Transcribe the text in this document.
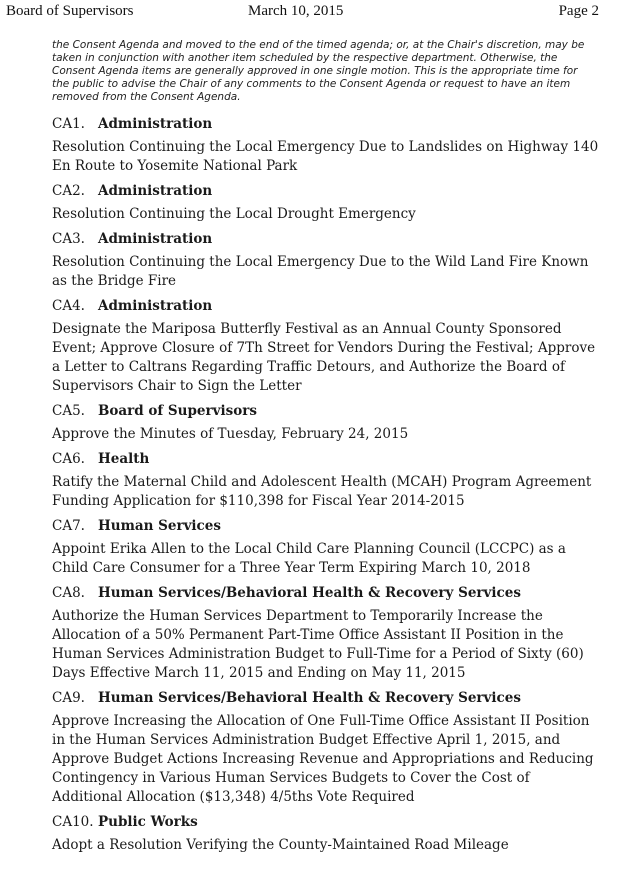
Board of Supervisors	March 10, 2015	Page 2
the Consent Agenda and moved to the end of the timed agenda; or, at the Chair's discretion, may be taken in conjunction with another item scheduled by the respective department. Otherwise, the Consent Agenda items are generally approved in one single motion. This is the appropriate time for the public to advise the Chair of any comments to the Consent Agenda or request to have an item removed from the Consent Agenda.
CA1. Administration
Resolution Continuing the Local Emergency Due to Landslides on Highway 140 En Route to Yosemite National Park
CA2. Administration
Resolution Continuing the Local Drought Emergency
CA3. Administration
Resolution Continuing the Local Emergency Due to the Wild Land Fire Known as the Bridge Fire
CA4. Administration
Designate the Mariposa Butterfly Festival as an Annual County Sponsored Event; Approve Closure of 7Th Street for Vendors During the Festival; Approve a Letter to Caltrans Regarding Traffic Detours, and Authorize the Board of Supervisors Chair to Sign the Letter
CA5. Board of Supervisors
Approve the Minutes of Tuesday, February 24, 2015
CA6. Health
Ratify the Maternal Child and Adolescent Health (MCAH) Program Agreement Funding Application for $110,398 for Fiscal Year 2014-2015
CA7. Human Services
Appoint Erika Allen to the Local Child Care Planning Council (LCCPC) as a Child Care Consumer for a Three Year Term Expiring March 10, 2018
CA8. Human Services/Behavioral Health & Recovery Services
Authorize the Human Services Department to Temporarily Increase the Allocation of a 50% Permanent Part-Time Office Assistant II Position in the Human Services Administration Budget to Full-Time for a Period of Sixty (60) Days Effective March 11, 2015 and Ending on May 11, 2015
CA9. Human Services/Behavioral Health & Recovery Services
Approve Increasing the Allocation of One Full-Time Office Assistant II Position in the Human Services Administration Budget Effective April 1, 2015, and Approve Budget Actions Increasing Revenue and Appropriations and Reducing Contingency in Various Human Services Budgets to Cover the Cost of Additional Allocation ($13,348) 4/5ths Vote Required
CA10. Public Works
Adopt a Resolution Verifying the County-Maintained Road Mileage
